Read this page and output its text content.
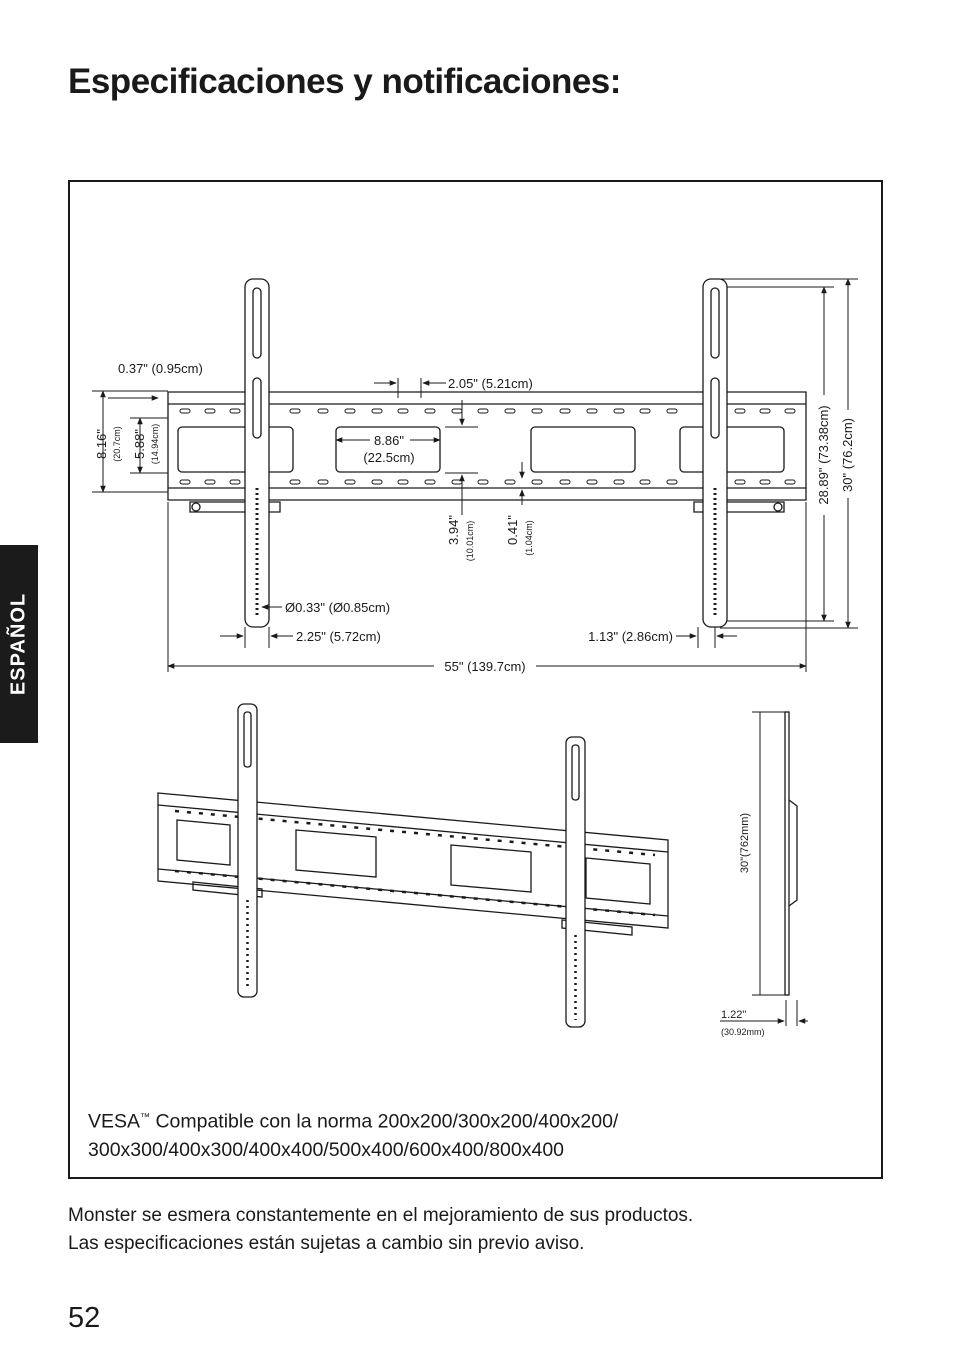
Especificaciones y notificaciones:
ESPAÑOL
0.37" (0.95cm)
2.05" (5.21cm)
8.86"
(22.5cm)
8.16" (20.7cm) 5.88" (14.94cm)
3.94" (10.01cm) 0.41" (1.04cm)
28.89" (73.38cm) 30" (76.2cm)
Ø0.33" (Ø0.85cm)
2.25" (5.72cm)	1.13" (2.86cm)
55" (139.7cm)
30"(762mm)
1.22"
(30.92mm)
VESA™ Compatible con la norma 200x200/300x200/400x200/
300x300/400x300/400x400/500x400/600x400/800x400
Monster se esmera constantemente en el mejoramiento de sus productos.
Las especificaciones están sujetas a cambio sin previo aviso.
52
